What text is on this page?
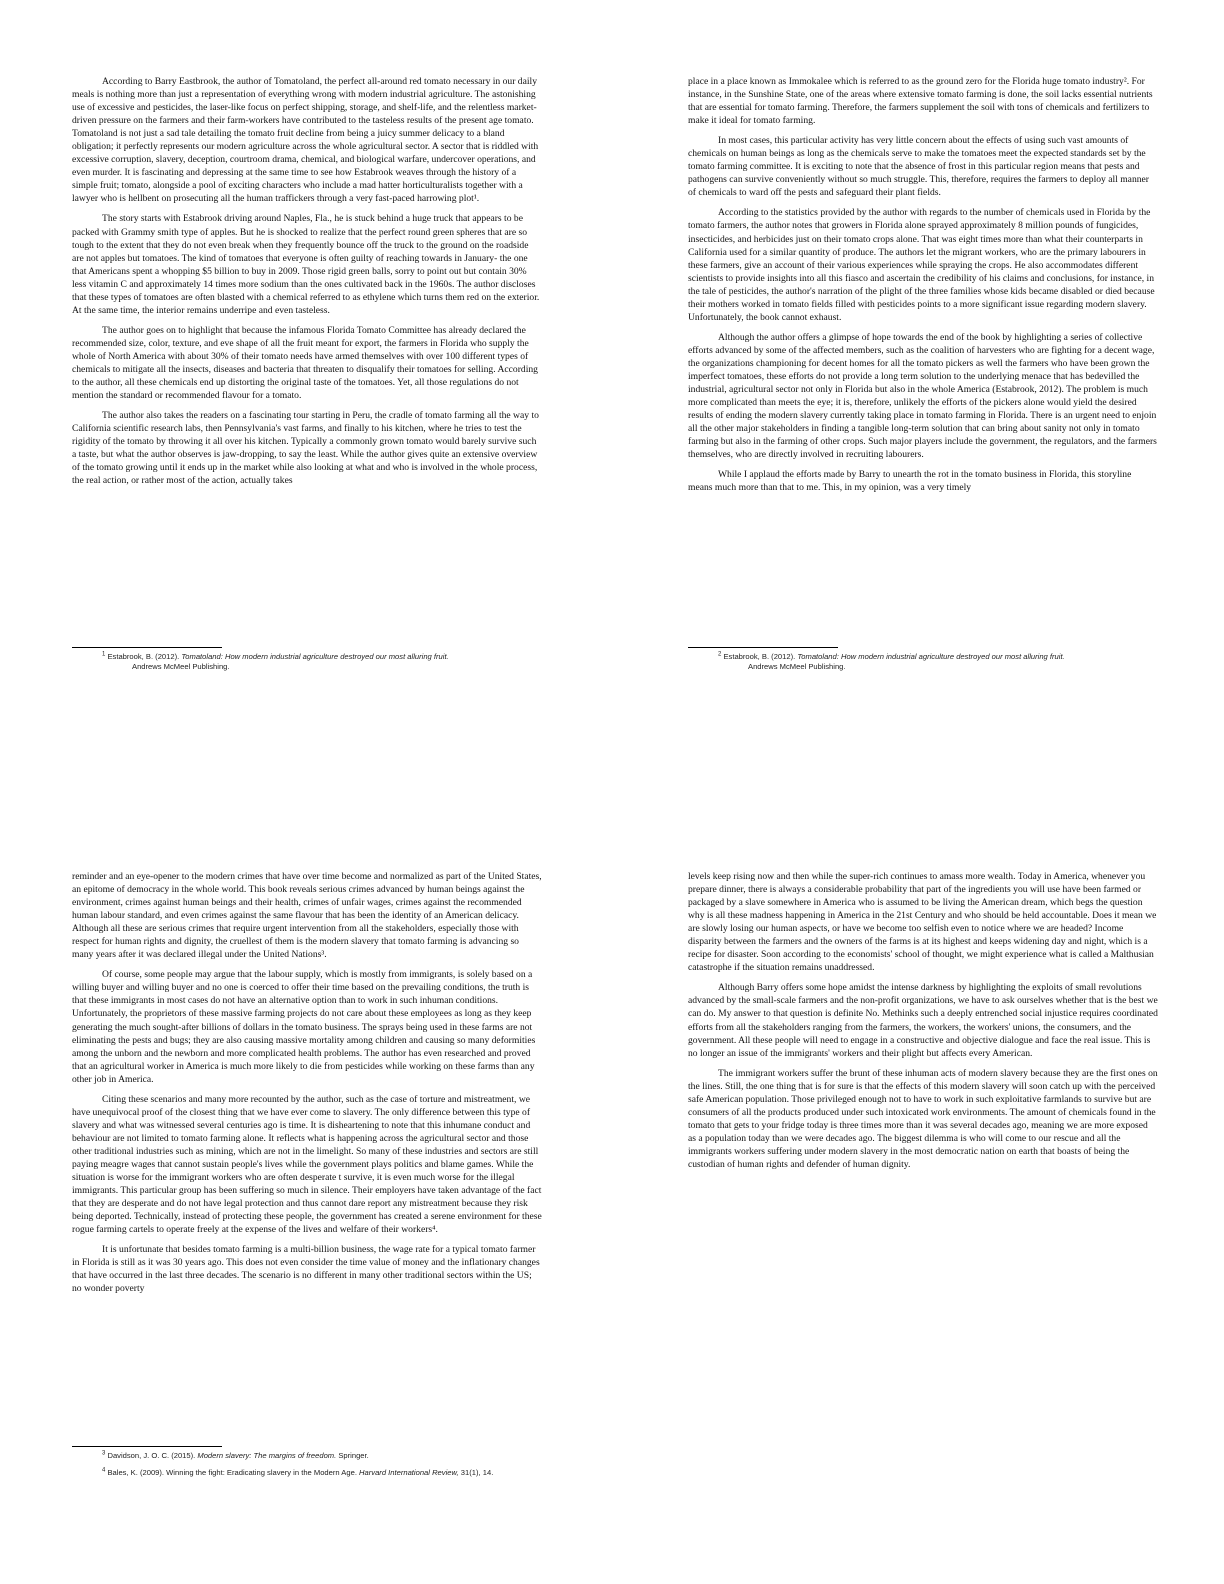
According to Barry Eastbrook, the author of Tomatoland, the perfect all-around red tomato necessary in our daily meals is nothing more than just a representation of everything wrong with modern industrial agriculture. The astonishing use of excessive and pesticides, the laser-like focus on perfect shipping, storage, and shelf-life, and the relentless market-driven pressure on the farmers and their farm-workers have contributed to the tasteless results of the present age tomato. Tomatoland is not just a sad tale detailing the tomato fruit decline from being a juicy summer delicacy to a bland obligation; it perfectly represents our modern agriculture across the whole agricultural sector. A sector that is riddled with excessive corruption, slavery, deception, courtroom drama, chemical, and biological warfare, undercover operations, and even murder. It is fascinating and depressing at the same time to see how Estabrook weaves through the history of a simple fruit; tomato, alongside a pool of exciting characters who include a mad hatter horticulturalists together with a lawyer who is hellbent on prosecuting all the human traffickers through a very fast-paced harrowing plot¹.

The story starts with Estabrook driving around Naples, Fla., he is stuck behind a huge truck that appears to be packed with Grammy smith type of apples. But he is shocked to realize that the perfect round green spheres that are so tough to the extent that they do not even break when they frequently bounce off the truck to the ground on the roadside are not apples but tomatoes. The kind of tomatoes that everyone is often guilty of reaching towards in January- the one that Americans spent a whopping $5 billion to buy in 2009. Those rigid green balls, sorry to point out but contain 30% less vitamin C and approximately 14 times more sodium than the ones cultivated back in the 1960s. The author discloses that these types of tomatoes are often blasted with a chemical referred to as ethylene which turns them red on the exterior. At the same time, the interior remains underripe and even tasteless.

The author goes on to highlight that because the infamous Florida Tomato Committee has already declared the recommended size, color, texture, and eve shape of all the fruit meant for export, the farmers in Florida who supply the whole of North America with about 30% of their tomato needs have armed themselves with over 100 different types of chemicals to mitigate all the insects, diseases and bacteria that threaten to disqualify their tomatoes for selling. According to the author, all these chemicals end up distorting the original taste of the tomatoes. Yet, all those regulations do not mention the standard or recommended flavour for a tomato.

The author also takes the readers on a fascinating tour starting in Peru, the cradle of tomato farming all the way to California scientific research labs, then Pennsylvania's vast farms, and finally to his kitchen, where he tries to test the rigidity of the tomato by throwing it all over his kitchen. Typically a commonly grown tomato would barely survive such a taste, but what the author observes is jaw-dropping, to say the least. While the author gives quite an extensive overview of the tomato growing until it ends up in the market while also looking at what and who is involved in the whole process, the real action, or rather most of the action, actually takes

$^1$ Estabrook, B. (2012). Tomatoland: How modern industrial agriculture destroyed our most alluring fruit.
Andrews McMeel Publishing.

place in a place known as Immokalee which is referred to as the ground zero for the Florida huge tomato industry². For instance, in the Sunshine State, one of the areas where extensive tomato farming is done, the soil lacks essential nutrients that are essential for tomato farming. Therefore, the farmers supplement the soil with tons of chemicals and fertilizers to make it ideal for tomato farming.

In most cases, this particular activity has very little concern about the effects of using such vast amounts of chemicals on human beings as long as the chemicals serve to make the tomatoes meet the expected standards set by the tomato farming committee. It is exciting to note that the absence of frost in this particular region means that pests and pathogens can survive conveniently without so much struggle. This, therefore, requires the farmers to deploy all manner of chemicals to ward off the pests and safeguard their plant fields.

According to the statistics provided by the author with regards to the number of chemicals used in Florida by the tomato farmers, the author notes that growers in Florida alone sprayed approximately 8 million pounds of fungicides, insecticides, and herbicides just on their tomato crops alone. That was eight times more than what their counterparts in California used for a similar quantity of produce. The authors let the migrant workers, who are the primary labourers in these farmers, give an account of their various experiences while spraying the crops. He also accommodates different scientists to provide insights into all this fiasco and ascertain the credibility of his claims and conclusions, for instance, in the tale of pesticides, the author's narration of the plight of the three families whose kids became disabled or died because their mothers worked in tomato fields filled with pesticides points to a more significant issue regarding modern slavery. Unfortunately, the book cannot exhaust.

Although the author offers a glimpse of hope towards the end of the book by highlighting a series of collective efforts advanced by some of the affected members, such as the coalition of harvesters who are fighting for a decent wage, the organizations championing for decent homes for all the tomato pickers as well the farmers who have been grown the imperfect tomatoes, these efforts do not provide a long term solution to the underlying menace that has bedevilled the industrial, agricultural sector not only in Florida but also in the whole America (Estabrook, 2012). The problem is much more complicated than meets the eye; it is, therefore, unlikely the efforts of the pickers alone would yield the desired results of ending the modern slavery currently taking place in tomato farming in Florida. There is an urgent need to enjoin all the other major stakeholders in finding a tangible long-term solution that can bring about sanity not only in tomato farming but also in the farming of other crops. Such major players include the government, the regulators, and the farmers themselves, who are directly involved in recruiting labourers.

While I applaud the efforts made by Barry to unearth the rot in the tomato business in Florida, this storyline means much more than that to me. This, in my opinion, was a very timely

$^2$ Estabrook, B. (2012). Tomatoland: How modern industrial agriculture destroyed our most alluring fruit.
Andrews McMeel Publishing.

reminder and an eye-opener to the modern crimes that have over time become and normalized as part of the United States, an epitome of democracy in the whole world. This book reveals serious crimes advanced by human beings against the environment, crimes against human beings and their health, crimes of unfair wages, crimes against the recommended human labour standard, and even crimes against the same flavour that has been the identity of an American delicacy. Although all these are serious crimes that require urgent intervention from all the stakeholders, especially those with respect for human rights and dignity, the cruellest of them is the modern slavery that tomato farming is advancing so many years after it was declared illegal under the United Nations³.

Of course, some people may argue that the labour supply, which is mostly from immigrants, is solely based on a willing buyer and willing buyer and no one is coerced to offer their time based on the prevailing conditions, the truth is that these immigrants in most cases do not have an alternative option than to work in such inhuman conditions. Unfortunately, the proprietors of these massive farming projects do not care about these employees as long as they keep generating the much sought-after billions of dollars in the tomato business. The sprays being used in these farms are not eliminating the pests and bugs; they are also causing massive mortality among children and causing so many deformities among the unborn and the newborn and more complicated health problems. The author has even researched and proved that an agricultural worker in America is much more likely to die from pesticides while working on these farms than any other job in America.

Citing these scenarios and many more recounted by the author, such as the case of torture and mistreatment, we have unequivocal proof of the closest thing that we have ever come to slavery. The only difference between this type of slavery and what was witnessed several centuries ago is time. It is disheartening to note that this inhumane conduct and behaviour are not limited to tomato farming alone. It reflects what is happening across the agricultural sector and those other traditional industries such as mining, which are not in the limelight. So many of these industries and sectors are still paying meagre wages that cannot sustain people's lives while the government plays politics and blame games. While the situation is worse for the immigrant workers who are often desperate t survive, it is even much worse for the illegal immigrants. This particular group has been suffering so much in silence. Their employers have taken advantage of the fact that they are desperate and do not have legal protection and thus cannot dare report any mistreatment because they risk being deported. Technically, instead of protecting these people, the government has created a serene environment for these rogue farming cartels to operate freely at the expense of the lives and welfare of their workers⁴.

It is unfortunate that besides tomato farming is a multi-billion business, the wage rate for a typical tomato farmer in Florida is still as it was 30 years ago. This does not even consider the time value of money and the inflationary changes that have occurred in the last three decades. The scenario is no different in many other traditional sectors within the US; no wonder poverty

$^3$ Davidson, J. O. C. (2015). Modern slavery: The margins of freedom. Springer.

$^4$ Bales, K. (2009). Winning the fight: Eradicating slavery in the Modern Age. Harvard International Review, 31(1), 14.

levels keep rising now and then while the super-rich continues to amass more wealth. Today in America, whenever you prepare dinner, there is always a considerable probability that part of the ingredients you will use have been farmed or packaged by a slave somewhere in America who is assumed to be living the American dream, which begs the question why is all these madness happening in America in the 21st Century and who should be held accountable. Does it mean we are slowly losing our human aspects, or have we become too selfish even to notice where we are headed? Income disparity between the farmers and the owners of the farms is at its highest and keeps widening day and night, which is a recipe for disaster. Soon according to the economists' school of thought, we might experience what is called a Malthusian catastrophe if the situation remains unaddressed.

Although Barry offers some hope amidst the intense darkness by highlighting the exploits of small revolutions advanced by the small-scale farmers and the non-profit organizations, we have to ask ourselves whether that is the best we can do. My answer to that question is definite No. Methinks such a deeply entrenched social injustice requires coordinated efforts from all the stakeholders ranging from the farmers, the workers, the workers' unions, the consumers, and the government. All these people will need to engage in a constructive and objective dialogue and face the real issue. This is no longer an issue of the immigrants' workers and their plight but affects every American.

The immigrant workers suffer the brunt of these inhuman acts of modern slavery because they are the first ones on the lines. Still, the one thing that is for sure is that the effects of this modern slavery will soon catch up with the perceived safe American population. Those privileged enough not to have to work in such exploitative farmlands to survive but are consumers of all the products produced under such intoxicated work environments. The amount of chemicals found in the tomato that gets to your fridge today is three times more than it was several decades ago, meaning we are more exposed as a population today than we were decades ago. The biggest dilemma is who will come to our rescue and all the immigrants workers suffering under modern slavery in the most democratic nation on earth that boasts of being the custodian of human rights and defender of human dignity.
